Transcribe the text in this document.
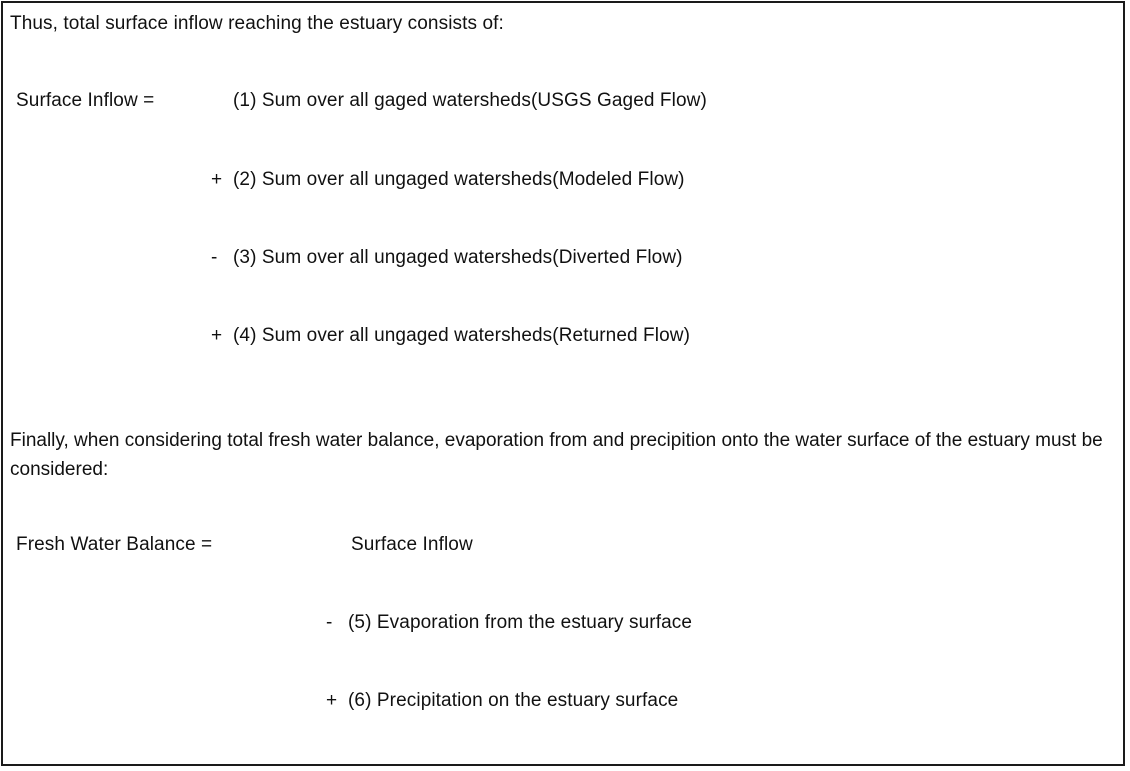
Thus, total surface inflow reaching the estuary consists of:
Surface Inflow =	(1) Sum over all gaged watersheds(USGS Gaged Flow)
+ (2) Sum over all ungaged watersheds(Modeled Flow)
- (3) Sum over all ungaged watersheds(Diverted Flow)
+ (4) Sum over all ungaged watersheds(Returned Flow)
Finally, when considering total fresh water balance, evaporation from and precipition onto the water surface of the estuary must be considered:
Fresh Water Balance =	Surface Inflow
- (5) Evaporation from the estuary surface
+ (6) Precipitation on the estuary surface
